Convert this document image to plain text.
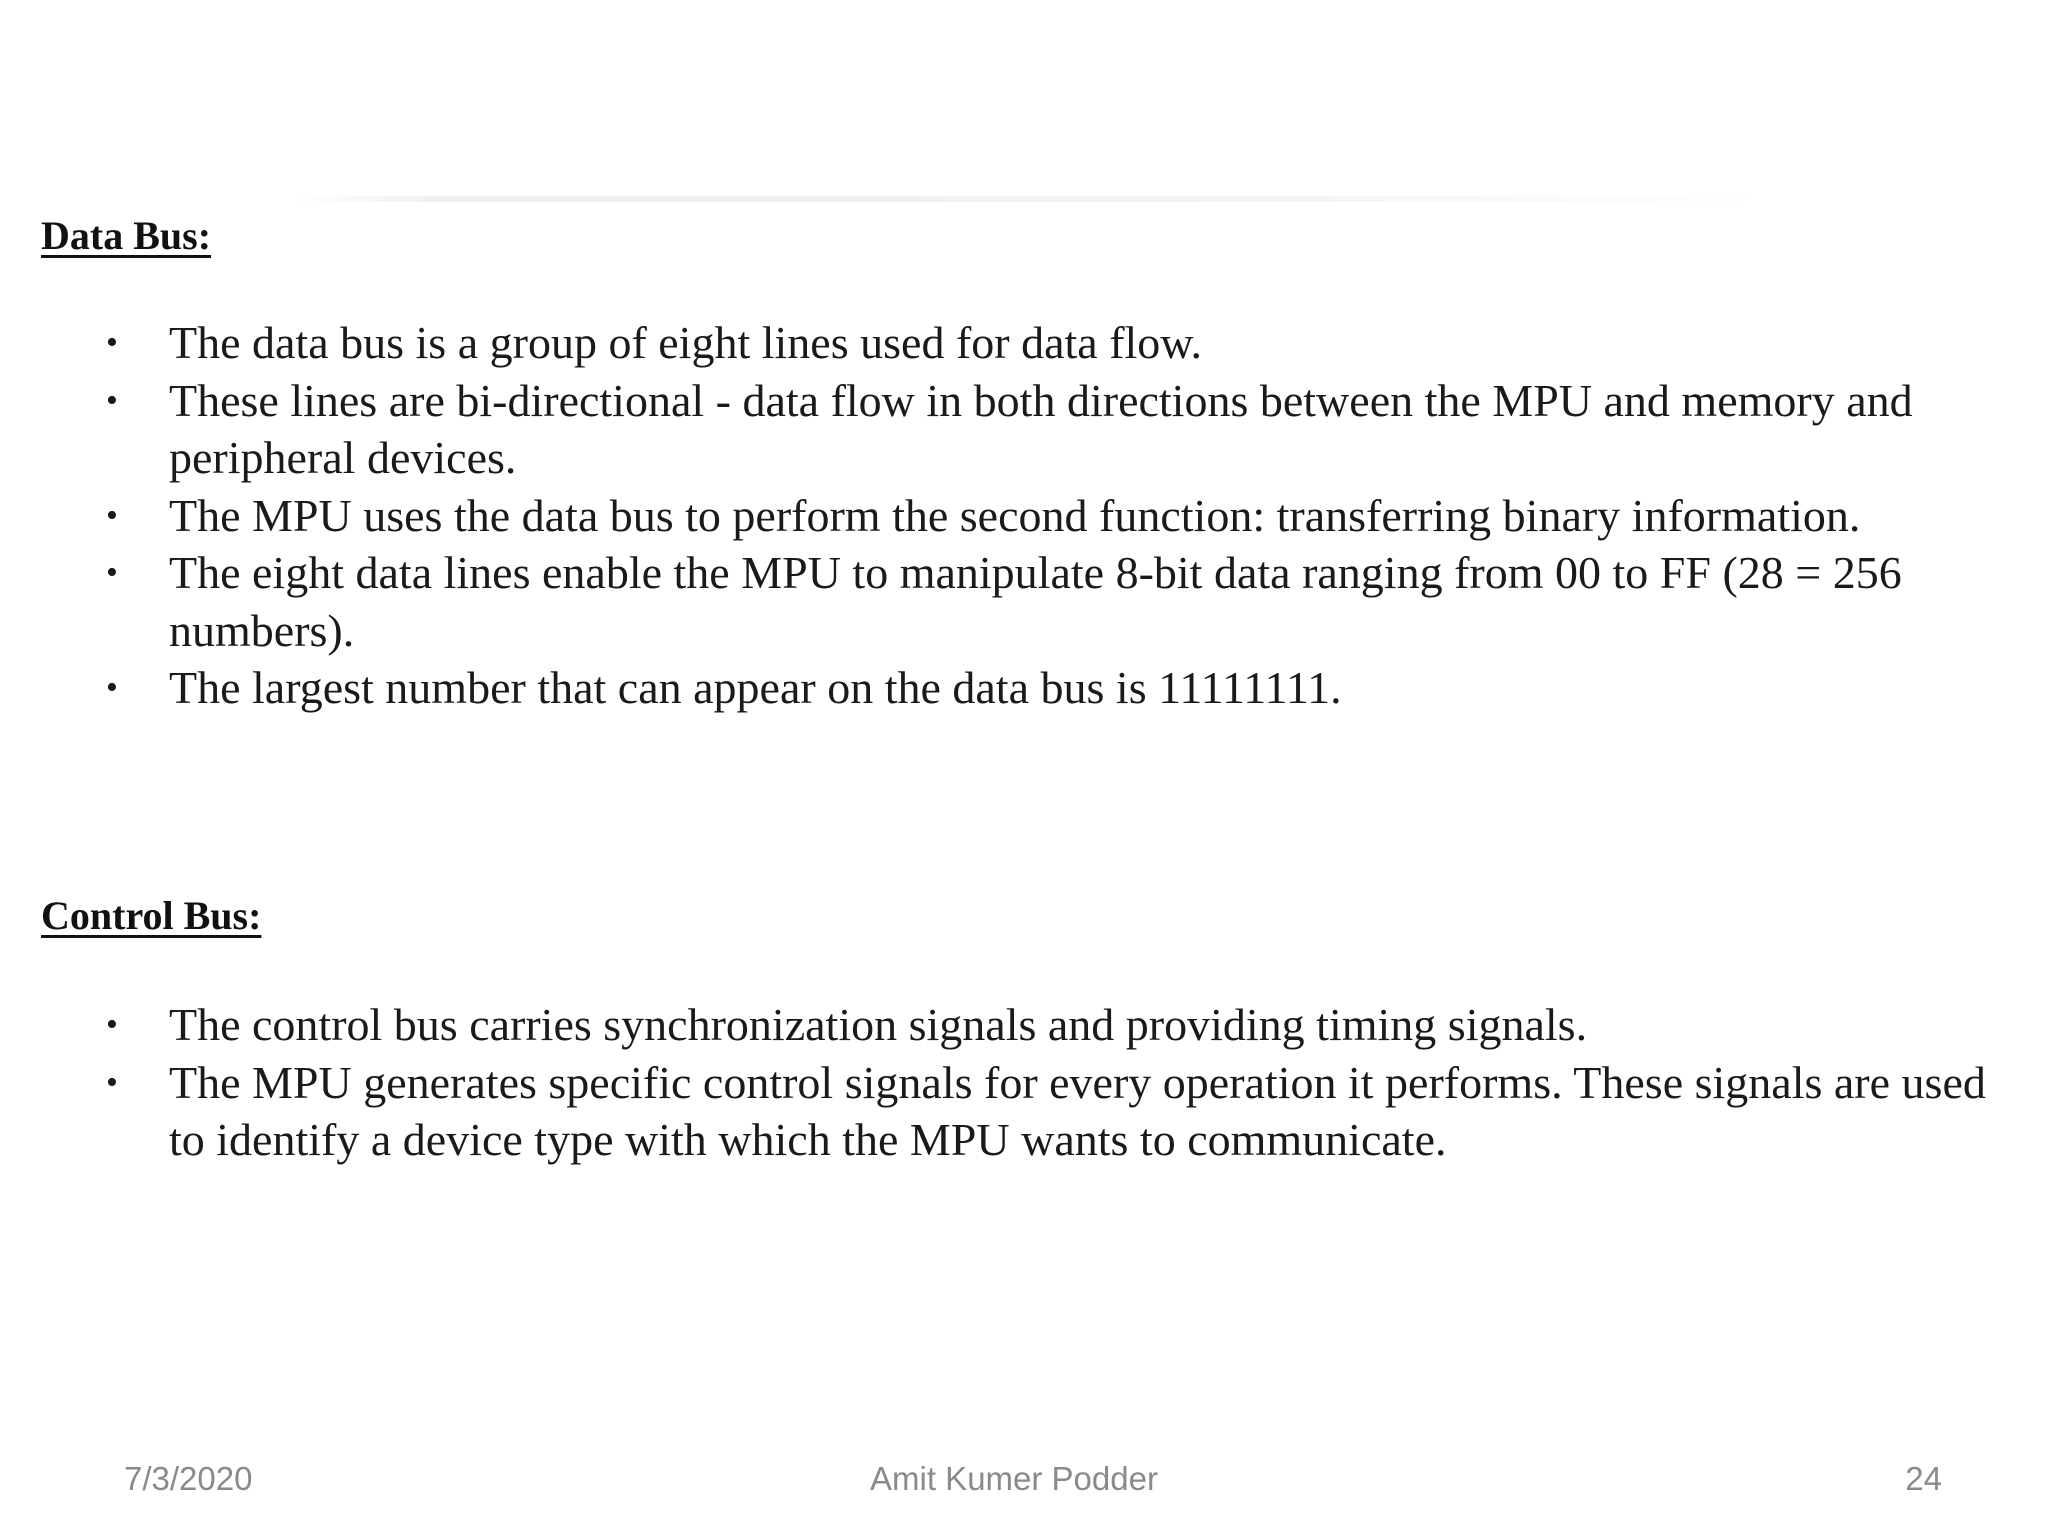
Data Bus:
• The data bus is a group of eight lines used for data flow.
• These lines are bi-directional - data flow in both directions between the MPU and memory and peripheral devices.
• The MPU uses the data bus to perform the second function: transferring binary information.
• The eight data lines enable the MPU to manipulate 8-bit data ranging from 00 to FF (28 = 256 numbers).
• The largest number that can appear on the data bus is 11111111.
Control Bus:
• The control bus carries synchronization signals and providing timing signals.
• The MPU generates specific control signals for every operation it performs. These signals are used to identify a device type with which the MPU wants to communicate.
7/3/2020	Amit Kumer Podder	24
